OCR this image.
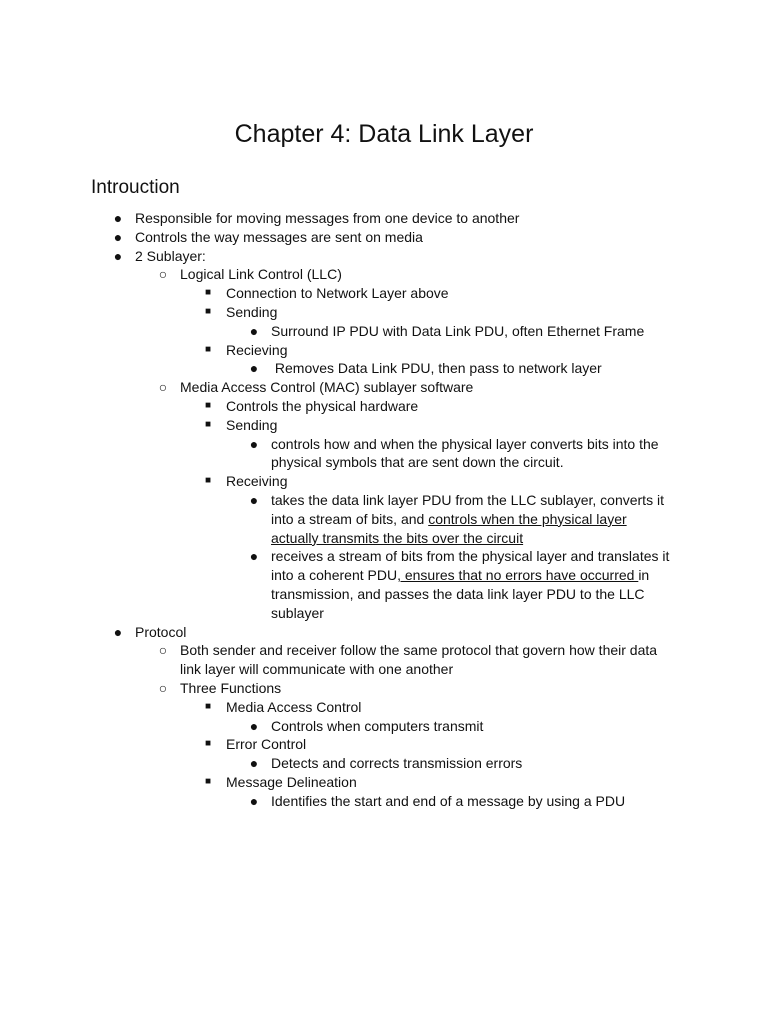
Chapter 4: Data Link Layer
Introuction
● Responsible for moving messages from one device to another
● Controls the way messages are sent on media
● 2 Sublayer:
○ Logical Link Control (LLC)
■ Connection to Network Layer above
■ Sending
● Surround IP PDU with Data Link PDU, often Ethernet Frame
■ Recieving
● Removes Data Link PDU, then pass to network layer
○ Media Access Control (MAC) sublayer software
■ Controls the physical hardware
■ Sending
● controls how and when the physical layer converts bits into the physical symbols that are sent down the circuit.
■ Receiving
● takes the data link layer PDU from the LLC sublayer, converts it into a stream of bits, and controls when the physical layer actually transmits the bits over the circuit
● receives a stream of bits from the physical layer and translates it into a coherent PDU, ensures that no errors have occurred in transmission, and passes the data link layer PDU to the LLC sublayer
● Protocol
○ Both sender and receiver follow the same protocol that govern how their data link layer will communicate with one another
○ Three Functions
■ Media Access Control
● Controls when computers transmit
■ Error Control
● Detects and corrects transmission errors
■ Message Delineation
● Identifies the start and end of a message by using a PDU
